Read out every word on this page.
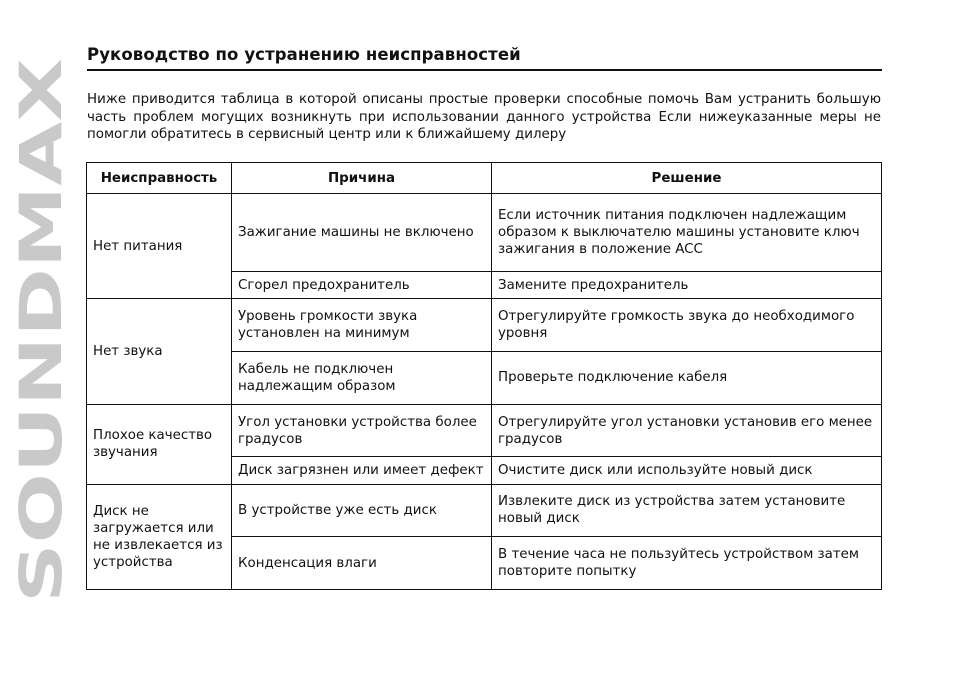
SOUNDMAX
Руководство по устранению неисправностей
Ниже приводится таблица в которой описаны простые проверки способные помочь Вам устранить большую часть проблем могущих возникнуть при использовании данного устройства Если нижеуказанные меры не помогли обратитесь в сервисный центр или к ближайшему дилеру
Неисправность	Причина	Решение
Нет питания	Зажигание машины не включено	Если источник питания подключен надлежащим образом к выключателю машины установите ключ зажигания в положение ACC
	Сгорел предохранитель	Замените предохранитель
Нет звука	Уровень громкости звука установлен на минимум	Отрегулируйте громкость звука до необходимого уровня
	Кабель не подключен надлежащим образом	Проверьте подключение кабеля
Плохое качество звучания	Угол установки устройства более градусов	Отрегулируйте угол установки установив его менее градусов
	Диск загрязнен или имеет дефект	Очистите диск или используйте новый диск
Диск не загружается или не извлекается из устройства	В устройстве уже есть диск	Извлеките диск из устройства затем установите новый диск
	Конденсация влаги	В течение часа не пользуйтесь устройством затем повторите попытку
